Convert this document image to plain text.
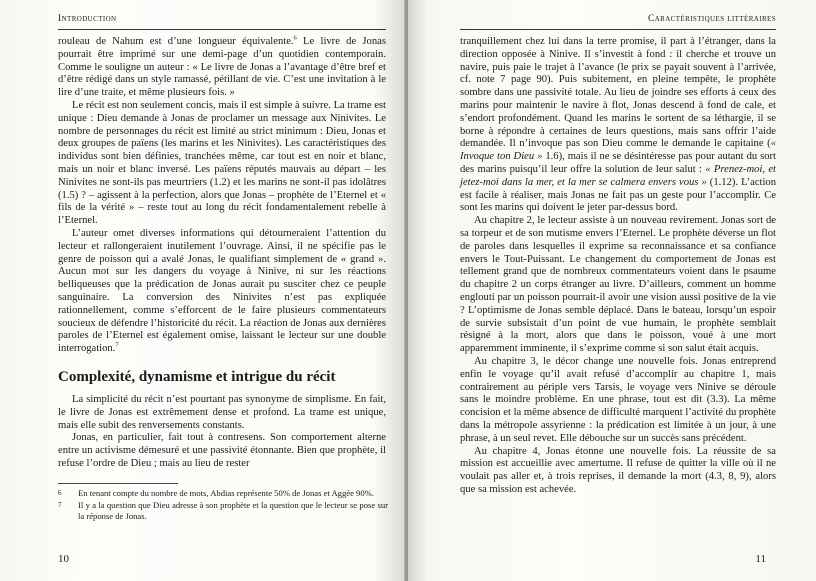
Introduction

rouleau de Nahum est d’une longueur équivalente.$^6$ Le livre de Jonas pourrait être imprimé sur une demi-page d’un quotidien contemporain. Comme le souligne un auteur : « Le livre de Jonas a l’avantage d’être bref et d’être rédigé dans un style ramassé, pétillant de vie. C’est une invitation à le lire d’une traite, et même plusieurs fois. »

Le récit est non seulement concis, mais il est simple à suivre. La trame est unique : Dieu demande à Jonas de proclamer un message aux Ninivites. Le nombre de personnages du récit est limité au strict minimum : Dieu, Jonas et deux groupes de païens (les marins et les Ninivites). Les caractéristiques des individus sont bien définies, tranchées même, car tout est en noir et blanc, mais un noir et blanc inversé. Les païens réputés mauvais au départ – les Ninivites ne sont-ils pas meurtriers (1.2) et les marins ne sont-il pas idolâtres (1.5) ? – agissent à la perfection, alors que Jonas – prophète de l’Eternel et « fils de la vérité » – reste tout au long du récit fondamentalement rebelle à l’Eternel.

L’auteur omet diverses informations qui détourneraient l’attention du lecteur et rallongeraient inutilement l’ouvrage. Ainsi, il ne spécifie pas le genre de poisson qui a avalé Jonas, le qualifiant simplement de « grand ». Aucun mot sur les dangers du voyage à Ninive, ni sur les réactions belliqueuses que la prédication de Jonas aurait pu susciter chez ce peuple sanguinaire. La conversion des Ninivites n’est pas expliquée rationnellement, comme s’efforcent de le faire plusieurs commentateurs soucieux de défendre l’historicité du récit. La réaction de Jonas aux dernières paroles de l’Eternel est également omise, laissant le lecteur sur une double interrogation.$^7$

Complexité, dynamisme et intrigue du récit

La simplicité du récit n’est pourtant pas synonyme de simplisme. En fait, le livre de Jonas est extrêmement dense et profond. La trame est unique, mais elle subit des renversements constants.

Jonas, en particulier, fait tout à contresens. Son comportement alterne entre un activisme démesuré et une passivité étonnante. Bien que prophète, il refuse l’ordre de Dieu ; mais au lieu de rester

6	En tenant compte du nombre de mots, Abdias représente 50% de Jonas et Aggée 90%.
7	Il y a la question que Dieu adresse à son prophète et la question que le lecteur se pose sur la réponse de Jonas.
10
Caractéristiques littéraires

tranquillement chez lui dans la terre promise, il part à l’étranger, dans la direction opposée à Ninive. Il s’investit à fond : il cherche et trouve un navire, puis paie le trajet à l’avance (le prix se payait souvent à l’arrivée, cf. note 7 page 90). Puis subitement, en pleine tempête, le prophète sombre dans une passivité totale. Au lieu de joindre ses efforts à ceux des marins pour maintenir le navire à flot, Jonas descend à fond de cale, et s’endort profondément. Quand les marins le sortent de sa léthargie, il se borne à répondre à certaines de leurs questions, mais sans offrir l’aide demandée. Il n’invoque pas son Dieu comme le demande le capitaine (« Invoque ton Dieu » 1.6), mais il ne se désintéresse pas pour autant du sort des marins puisqu’il leur offre la solution de leur salut : « Prenez-moi, et jetez-moi dans la mer, et la mer se calmera envers vous » (1.12). L’action est facile à réaliser, mais Jonas ne fait pas un geste pour l’accomplir. Ce sont les marins qui doivent le jeter par-dessus bord.

Au chapitre 2, le lecteur assiste à un nouveau revirement. Jonas sort de sa torpeur et de son mutisme envers l’Eternel. Le prophète déverse un flot de paroles dans lesquelles il exprime sa reconnaissance et sa confiance envers le Tout-Puissant. Le changement du comportement de Jonas est tellement grand que de nombreux commentateurs voient dans le psaume du chapitre 2 un corps étranger au livre. D’ailleurs, comment un homme englouti par un poisson pourrait-il avoir une vision aussi positive de la vie ? L’optimisme de Jonas semble déplacé. Dans le bateau, lorsqu’un espoir de survie subsistait d’un point de vue humain, le prophète semblait résigné à la mort, alors que dans le poisson, voué à une mort apparemment imminente, il s’exprime comme si son salut était acquis.

Au chapitre 3, le décor change une nouvelle fois. Jonas entreprend enfin le voyage qu’il avait refusé d’accomplir au chapitre 1, mais contrairement au périple vers Tarsis, le voyage vers Ninive se déroule sans le moindre problème. En une phrase, tout est dit (3.3). La même concision et la même absence de difficulté marquent l’activité du prophète dans la métropole assyrienne : la prédication est limitée à un jour, à une phrase, à un seul revet. Elle débouche sur un succès sans précédent.

Au chapitre 4, Jonas étonne une nouvelle fois. La réussite de sa mission est accueillie avec amertume. Il refuse de quitter la ville où il ne voulait pas aller et, à trois reprises, il demande la mort (4.3, 8, 9), alors que sa mission est achevée.

11
